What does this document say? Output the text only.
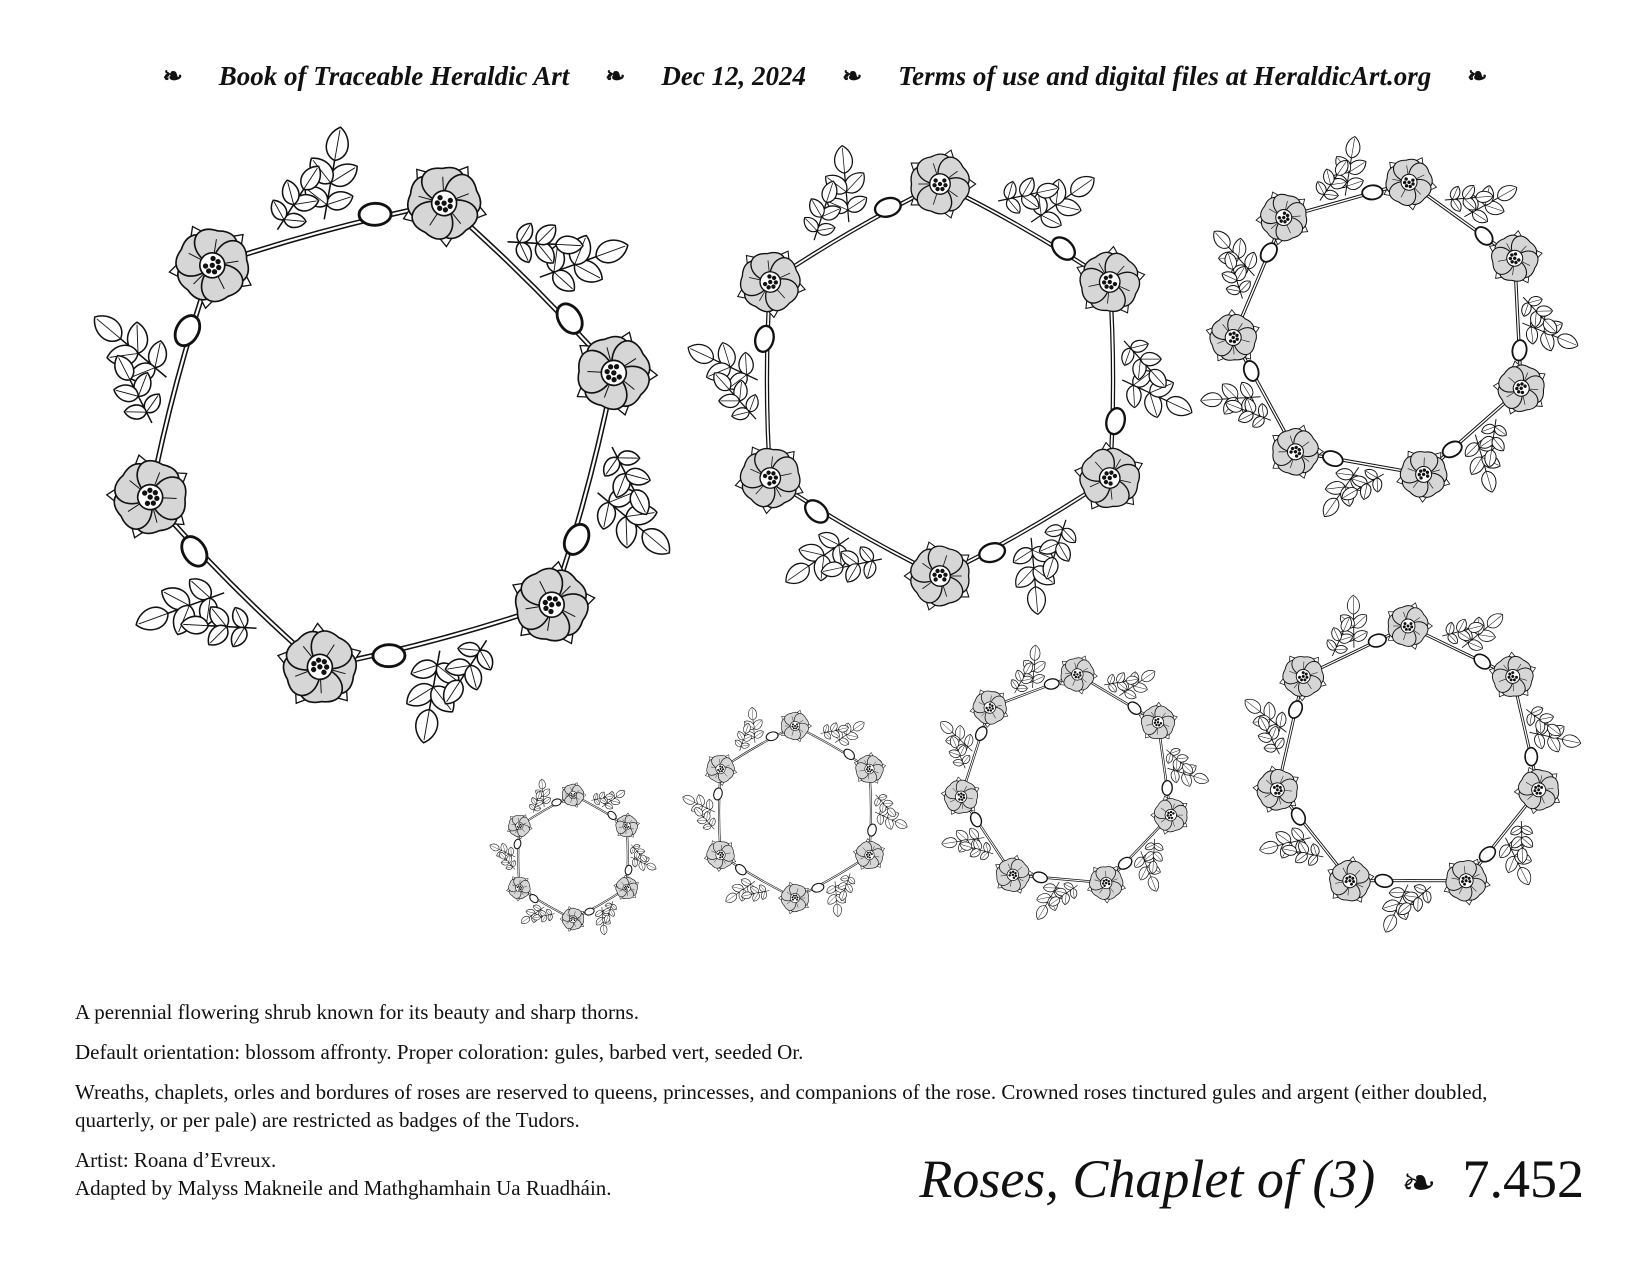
❧ Book of Traceable Heraldic Art ❧ Dec 12, 2024 ❧ Terms of use and digital files at HeraldicArt.org ❧
A perennial flowering shrub known for its beauty and sharp thorns.
Default orientation: blossom affronty. Proper coloration: gules, barbed vert, seeded Or.
Wreaths, chaplets, orles and bordures of roses are reserved to queens, princesses, and companions of the rose. Crowned roses tinctured gules and argent (either doubled, quarterly, or per pale) are restricted as badges of the Tudors.
Artist: Roana d’Evreux.
Adapted by Malyss Makneile and Mathghamhain Ua Ruadháin.	Roses, Chaplet of (3) ❧ 7.452
